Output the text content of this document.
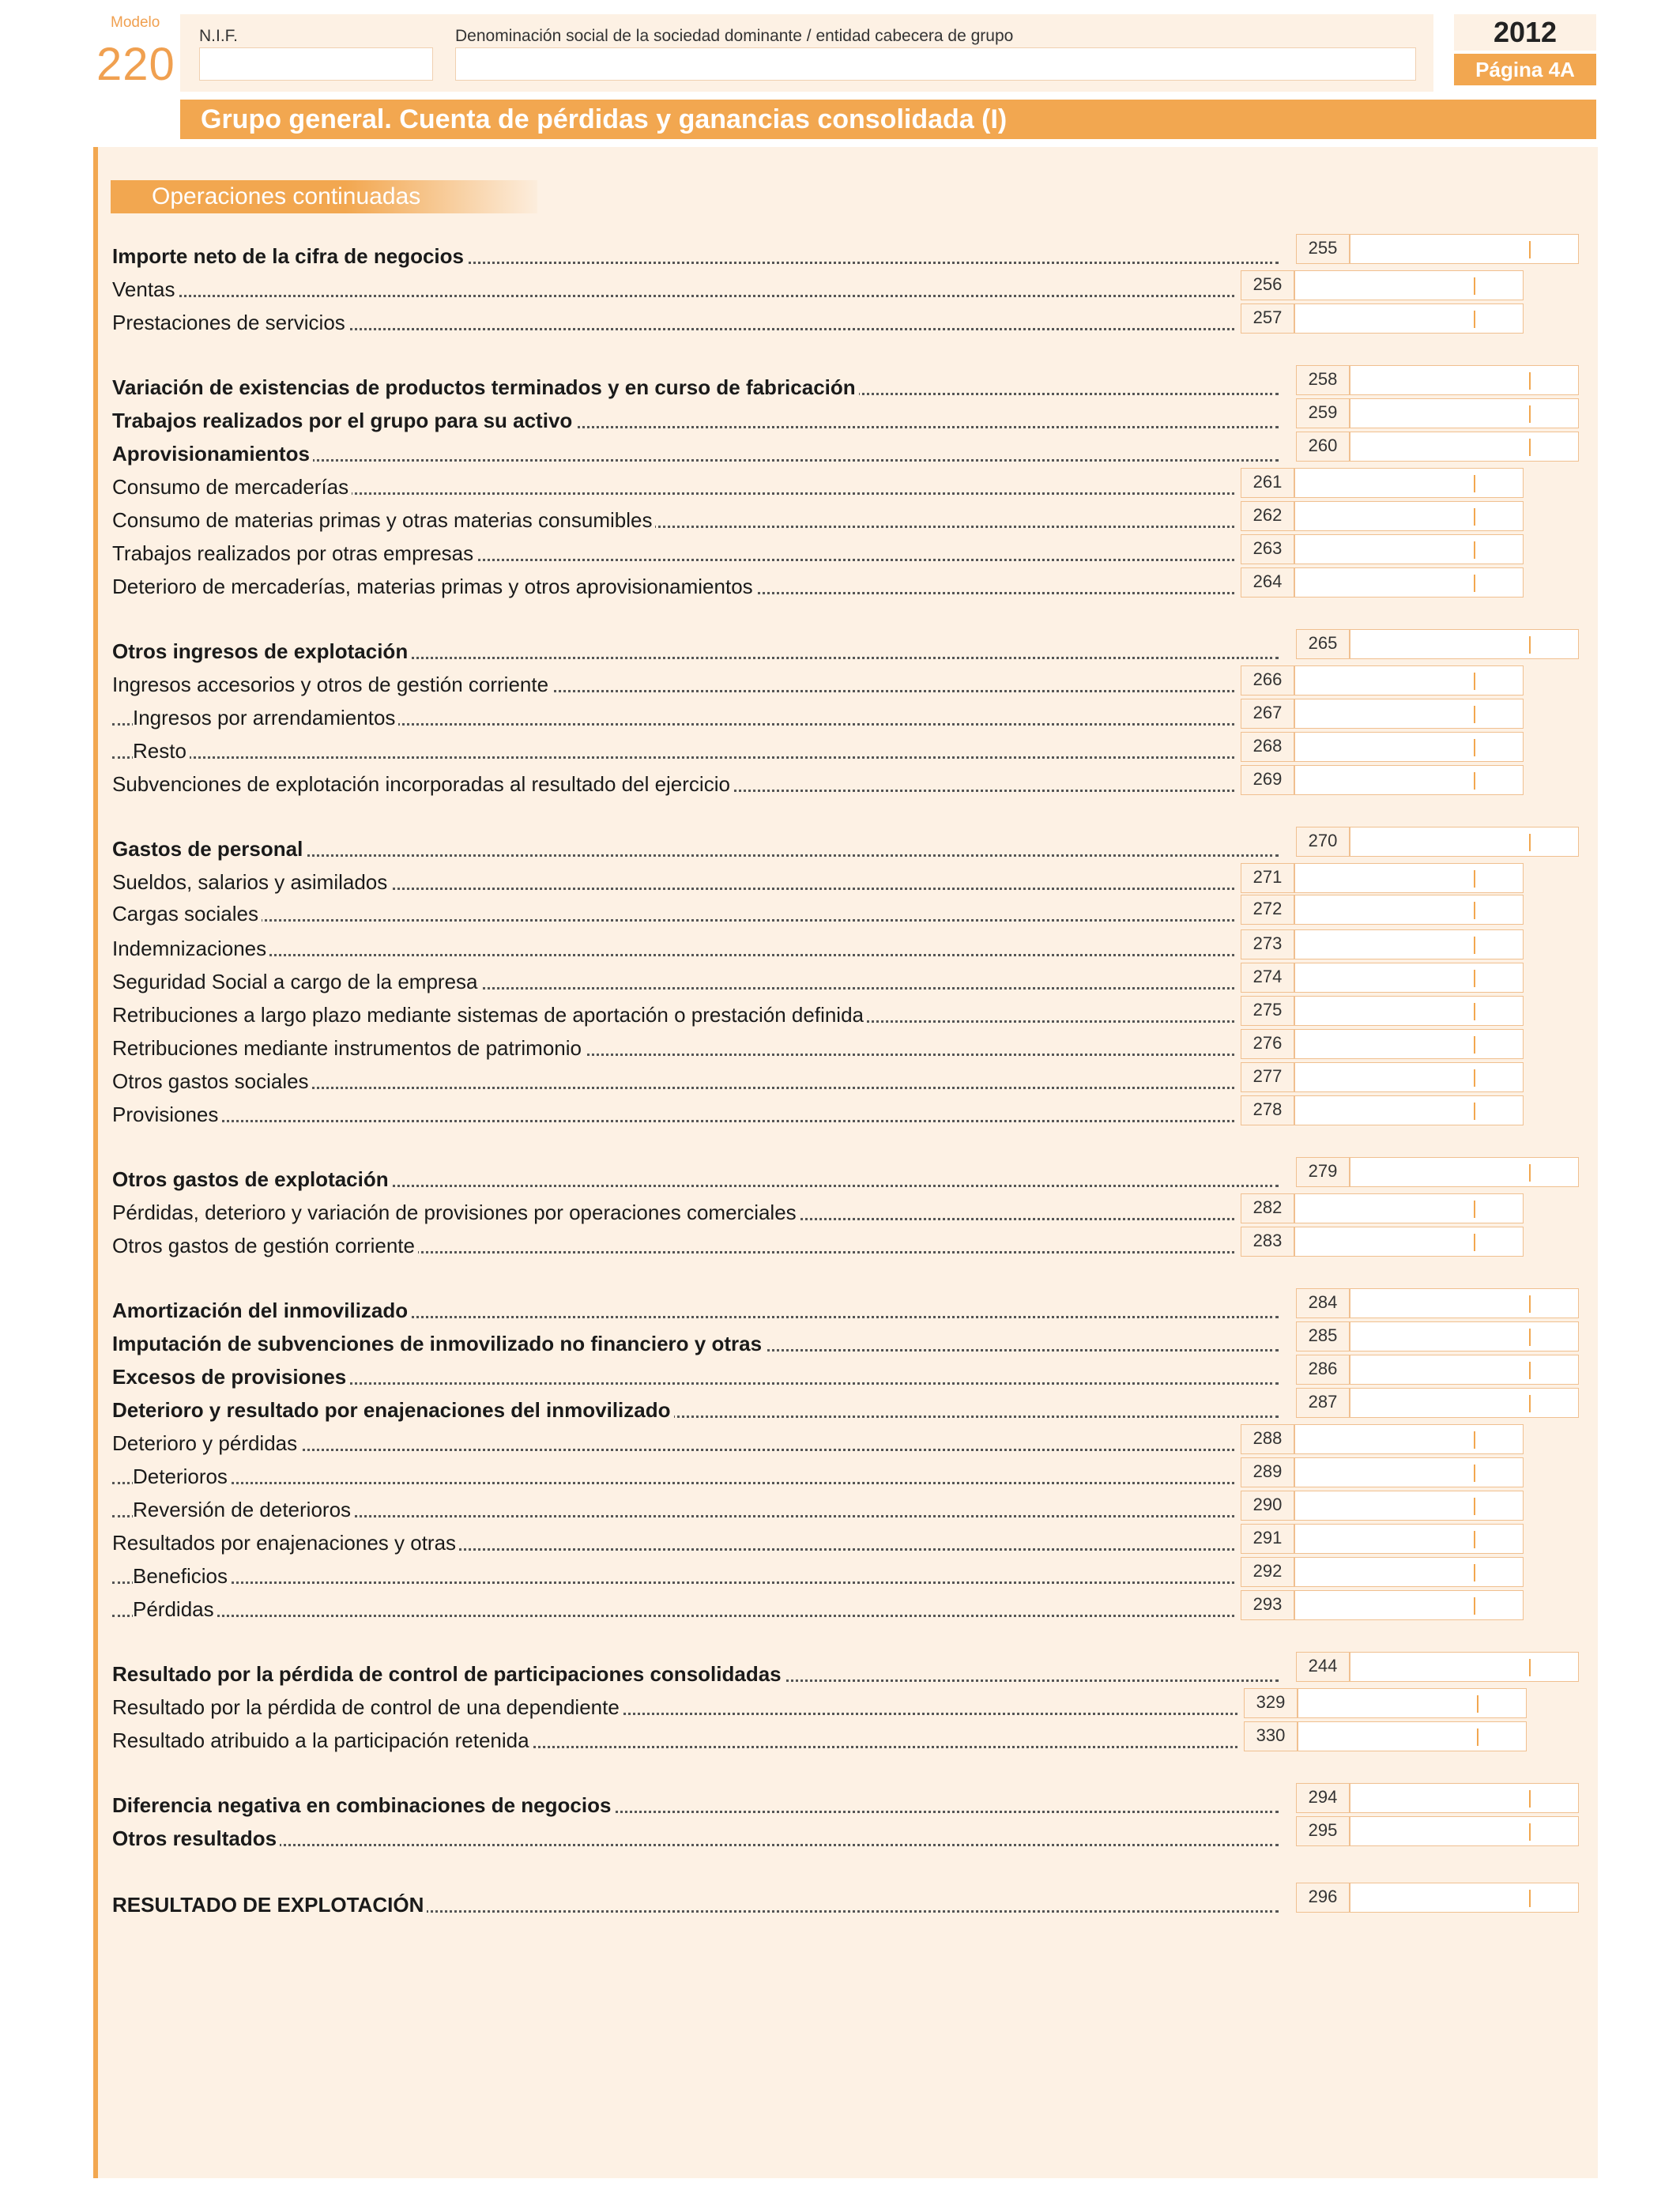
Modelo
220
N.I.F.	Denominación social de la sociedad dominante / entidad cabecera de grupo	2012
Página 4A
Grupo general. Cuenta de pérdidas y ganancias consolidada (I)
Operaciones continuadas
Importe neto de la cifra de negocios	255
Ventas	256
Prestaciones de servicios	257
Variación de existencias de productos terminados y en curso de fabricación	258
Trabajos realizados por el grupo para su activo	259
Aprovisionamientos	260
Consumo de mercaderías	261
Consumo de materias primas y otras materias consumibles	262
Trabajos realizados por otras empresas	263
Deterioro de mercaderías, materias primas y otros aprovisionamientos	264
Otros ingresos de explotación	265
Ingresos accesorios y otros de gestión corriente	266
Ingresos por arrendamientos	267
Resto	268
Subvenciones de explotación incorporadas al resultado del ejercicio	269
Gastos de personal	270
Sueldos, salarios y asimilados	271
Cargas sociales	272
Indemnizaciones	273
Seguridad Social a cargo de la empresa	274
Retribuciones a largo plazo mediante sistemas de aportación o prestación definida	275
Retribuciones mediante instrumentos de patrimonio	276
Otros gastos sociales	277
Provisiones	278
Otros gastos de explotación	279
Pérdidas, deterioro y variación de provisiones por operaciones comerciales	282
Otros gastos de gestión corriente	283
Amortización del inmovilizado	284
Imputación de subvenciones de inmovilizado no financiero y otras	285
Excesos de provisiones	286
Deterioro y resultado por enajenaciones del inmovilizado	287
Deterioro y pérdidas	288
Deterioros	289
Reversión de deterioros	290
Resultados por enajenaciones y otras	291
Beneficios	292
Pérdidas	293
Resultado por la pérdida de control de participaciones consolidadas	244
Resultado por la pérdida de control de una dependiente	329
Resultado atribuido a la participación retenida	330
Diferencia negativa en combinaciones de negocios	294
Otros resultados	295
RESULTADO DE EXPLOTACIÓN	296
